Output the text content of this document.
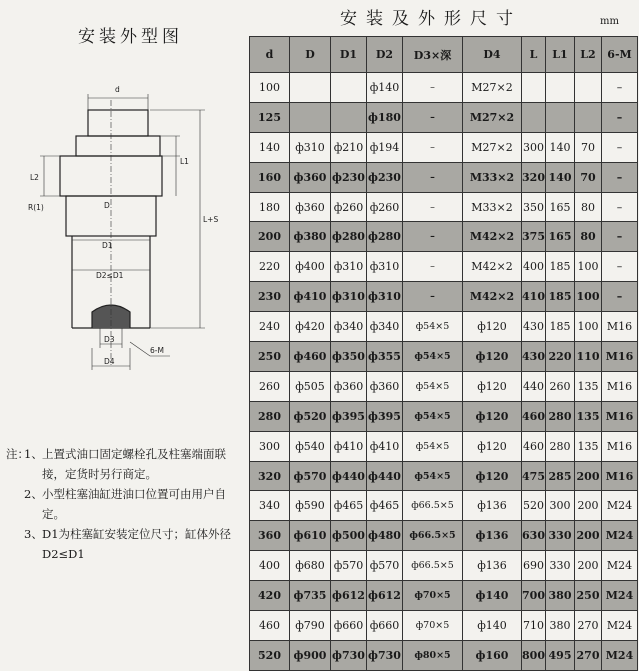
安装外型图
安装及外形尺寸	mm
d
L1
L2
R(1)	D
D1
D2≤D1
L+S
D3
D4
6-M
注：
1、 上置式油口固定螺栓孔及柱塞端面联接，定货时另行商定。
2、 小型柱塞油缸进油口位置可由用户自定。
3、 D1为柱塞缸安装定位尺寸；缸体外径D2≤D1
d	D	D1	D2	D3×深	D4	L	L1	L2	6-M
100			ф140	–	M27×2				–
125			ф180	–	M27×2				–
140	ф310	ф210	ф194	–	M27×2	300	140	70	–
160	ф360	ф230	ф230	–	M33×2	320	140	70	–
180	ф360	ф260	ф260	–	M33×2	350	165	80	–
200	ф380	ф280	ф280	–	M42×2	375	165	80	–
220	ф400	ф310	ф310	–	M42×2	400	185	100	–
230	ф410	ф310	ф310	–	M42×2	410	185	100	–
240	ф420	ф340	ф340	ф54×5	ф120	430	185	100	M16
250	ф460	ф350	ф355	ф54×5	ф120	430	220	110	M16
260	ф505	ф360	ф360	ф54×5	ф120	440	260	135	M16
280	ф520	ф395	ф395	ф54×5	ф120	460	280	135	M16
300	ф540	ф410	ф410	ф54×5	ф120	460	280	135	M16
320	ф570	ф440	ф440	ф54×5	ф120	475	285	200	M16
340	ф590	ф465	ф465	ф66.5×5	ф136	520	300	200	M24
360	ф610	ф500	ф480	ф66.5×5	ф136	630	330	200	M24
400	ф680	ф570	ф570	ф66.5×5	ф136	690	330	200	M24
420	ф735	ф612	ф612	ф70×5	ф140	700	380	250	M24
460	ф790	ф660	ф660	ф70×5	ф140	710	380	270	M24
520	ф900	ф730	ф730	ф80×5	ф160	800	495	270	M24
